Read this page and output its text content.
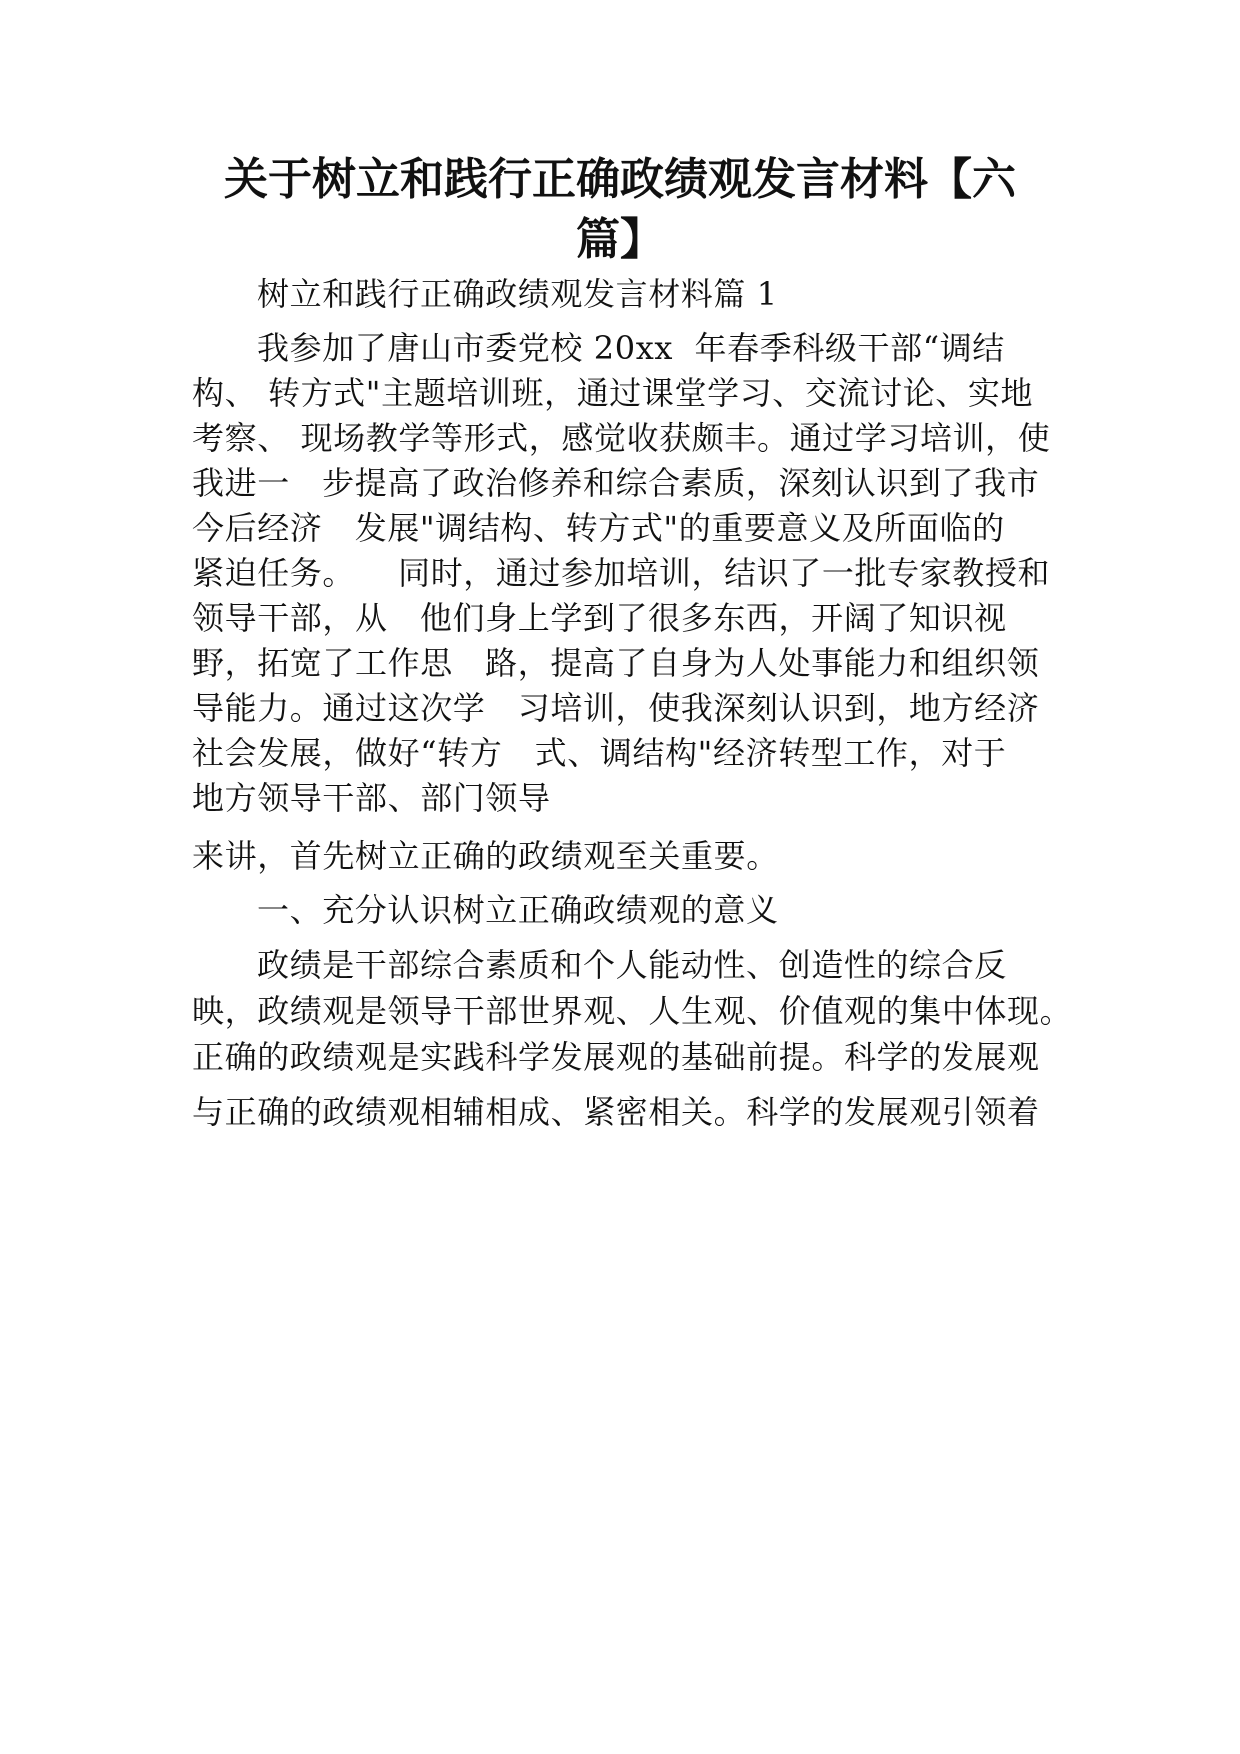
关于树立和践行正确政绩观发言材料【六
篇】
树立和践行正确政绩观发言材料篇 1
我参加了唐山市委党校 20xx  年春季科级干部“调结
构、 转方式"主题培训班，通过课堂学习、交流讨论、实地
考察、 现场教学等形式，感觉收获颇丰。通过学习培训，使
我进一   步提高了政治修养和综合素质，深刻认识到了我市
今后经济   发展"调结构、转方式"的重要意义及所面临的
紧迫任务。    同时，通过参加培训，结识了一批专家教授和
领导干部，从   他们身上学到了很多东西，开阔了知识视
野，拓宽了工作思   路，提高了自身为人处事能力和组织领
导能力。通过这次学   习培训，使我深刻认识到，地方经济
社会发展，做好“转方   式、调结构"经济转型工作，对于
地方领导干部、部门领导
来讲，首先树立正确的政绩观至关重要。
一、充分认识树立正确政绩观的意义
政绩是干部综合素质和个人能动性、创造性的综合反
映，政绩观是领导干部世界观、人生观、价值观的集中体现。
正确的政绩观是实践科学发展观的基础前提。科学的发展观
与正确的政绩观相辅相成、紧密相关。科学的发展观引领着
